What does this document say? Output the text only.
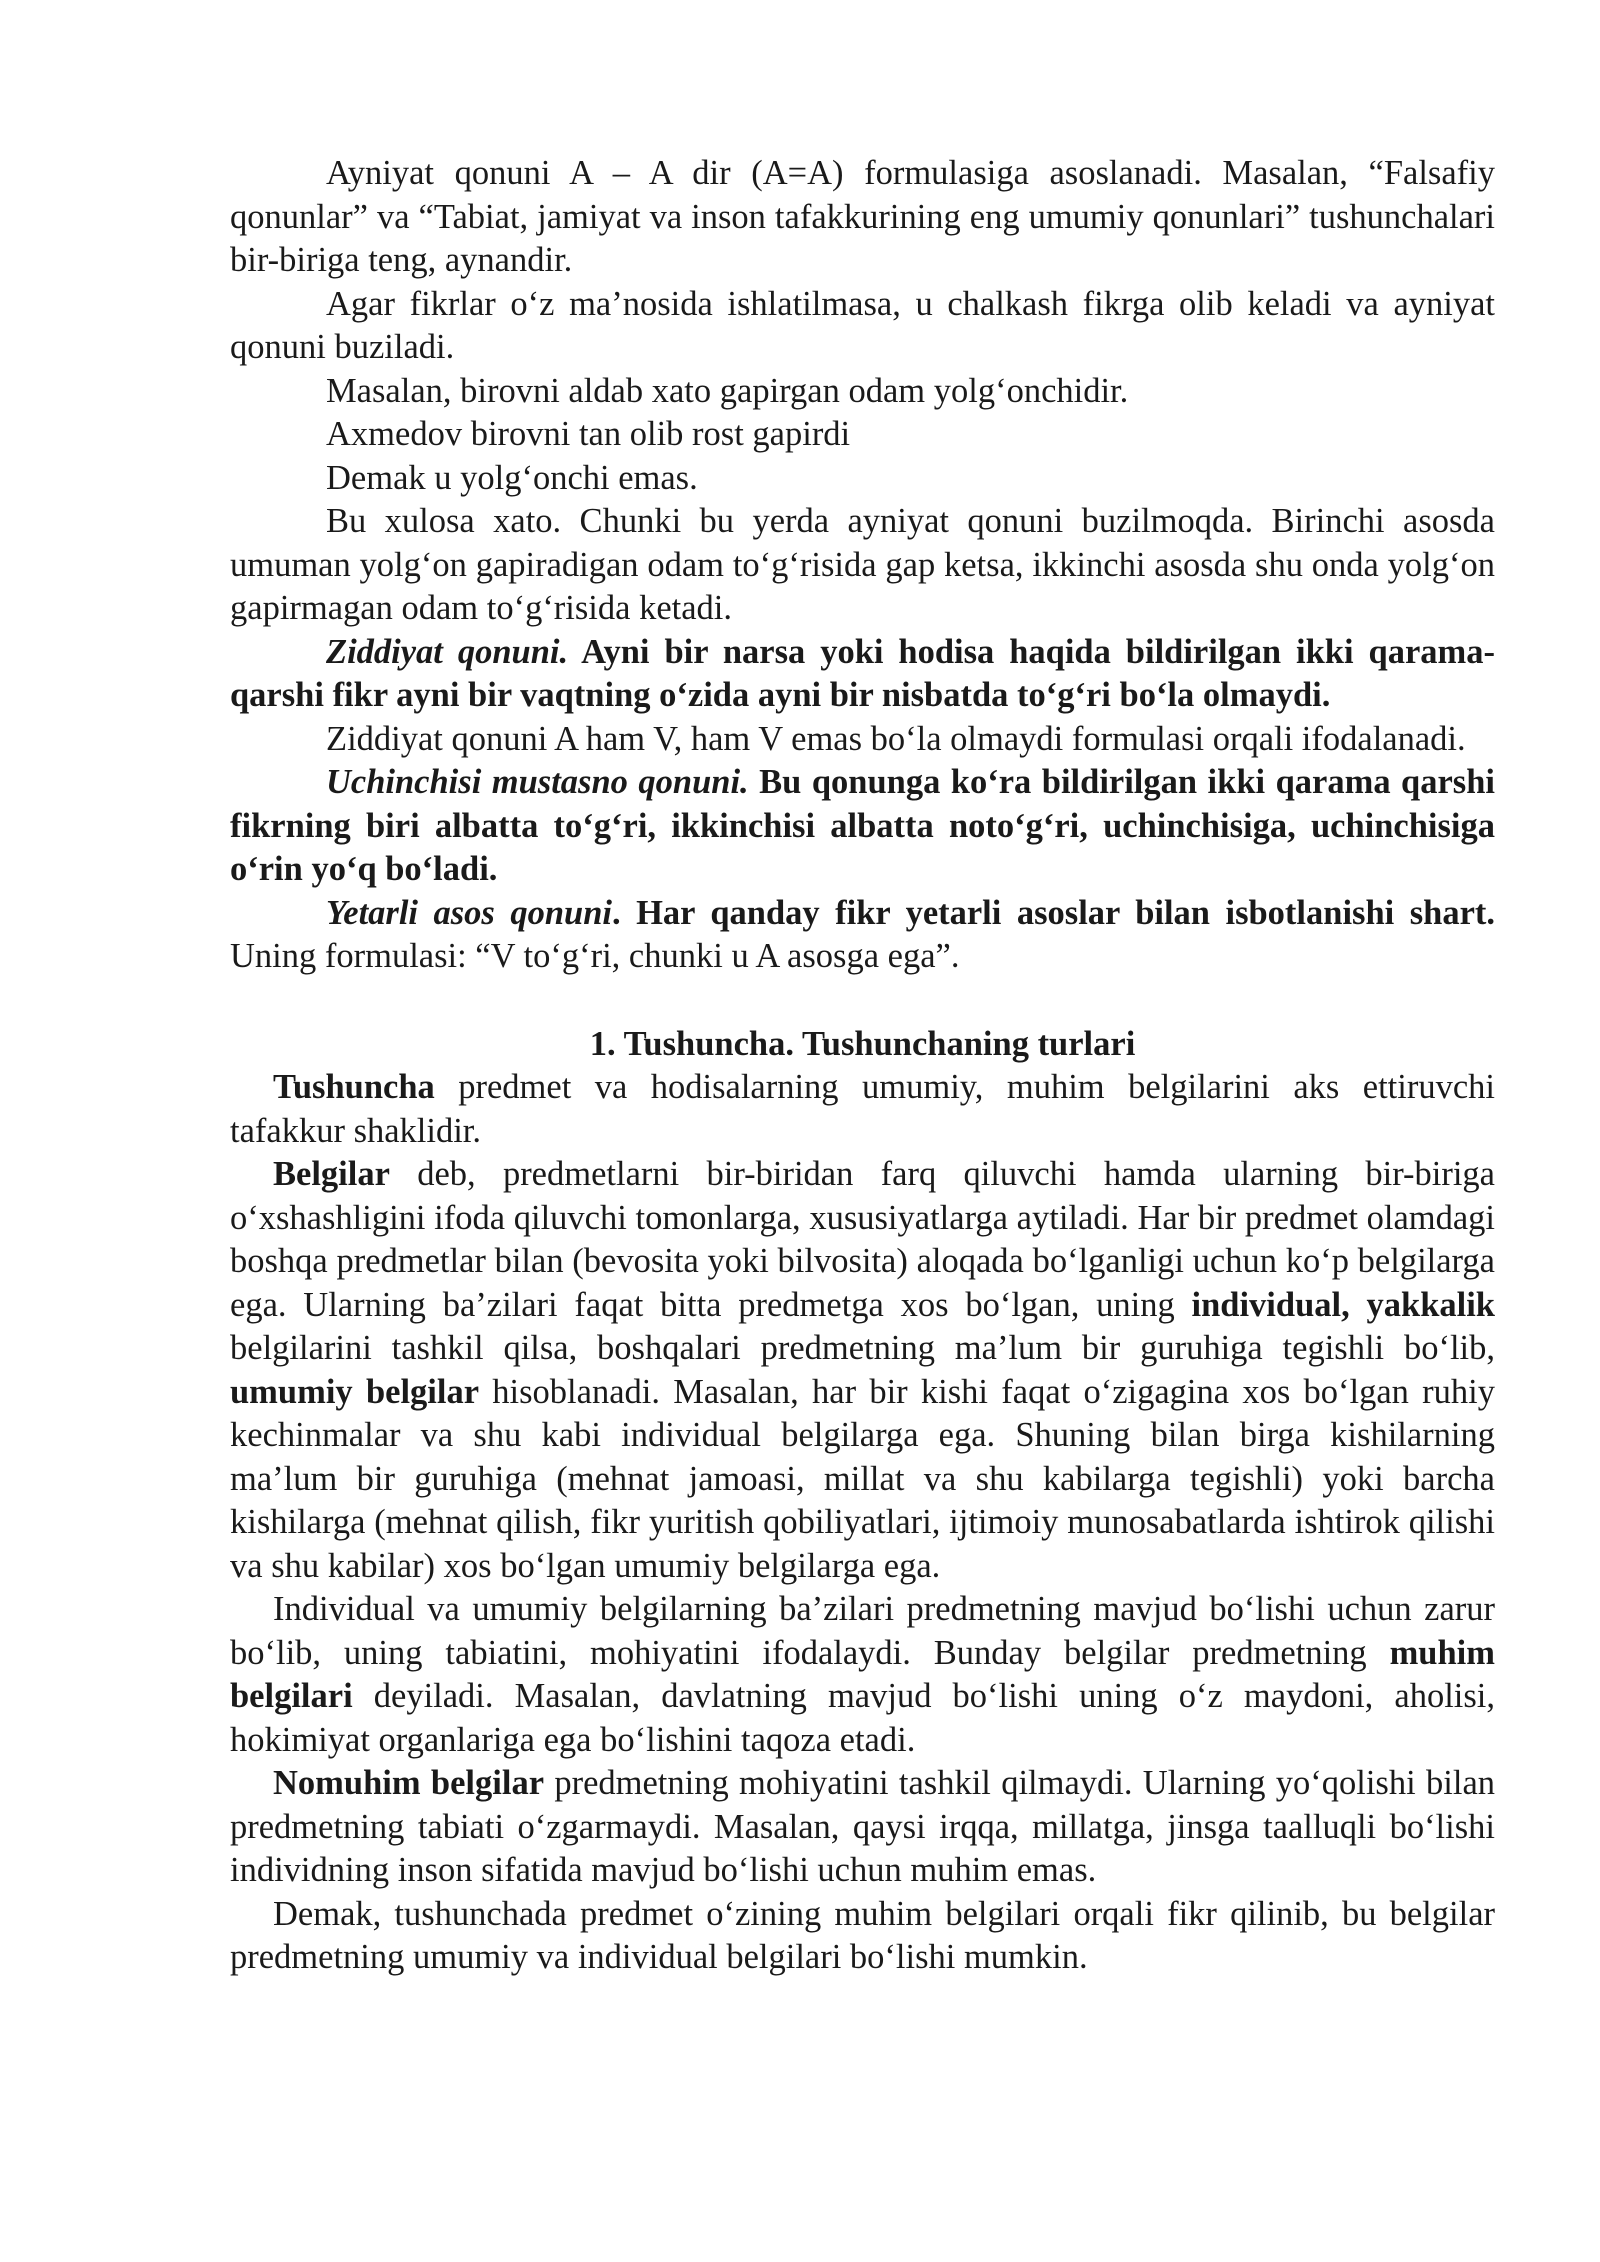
Ayniyat qonuni A – A dir (A=A) formulasiga asoslanadi. Masalan, “Falsafiy qonunlar” va “Tabiat, jamiyat va inson tafakkurining eng umumiy qonunlari” tushunchalari bir-biriga teng, aynandir.

Agar fikrlar o‘z ma’nosida ishlatilmasa, u chalkash fikrga olib keladi va ayniyat qonuni buziladi.

Masalan, birovni aldab xato gapirgan odam yolg‘onchidir.

Axmedov birovni tan olib rost gapirdi

Demak u yolg‘onchi emas.

Bu xulosa xato. Chunki bu yerda ayniyat qonuni buzilmoqda. Birinchi asosda umuman yolg‘on gapiradigan odam to‘g‘risida gap ketsa, ikkinchi asosda shu onda yolg‘on gapirmagan odam to‘g‘risida ketadi.

Ziddiyat qonuni. Ayni bir narsa yoki hodisa haqida bildirilgan ikki qarama-qarshi fikr ayni bir vaqtning o‘zida ayni bir nisbatda to‘g‘ri bo‘la olmaydi.

Ziddiyat qonuni A ham V, ham V emas bo‘la olmaydi formulasi orqali ifodalanadi.

Uchinchisi mustasno qonuni. Bu qonunga ko‘ra bildirilgan ikki qarama qarshi fikrning biri albatta to‘g‘ri, ikkinchisi albatta noto‘g‘ri, uchinchisiga, uchinchisiga o‘rin yo‘q bo‘ladi.

Yetarli asos qonuni. Har qanday fikr yetarli asoslar bilan isbotlanishi shart. Uning formulasi: “V to‘g‘ri, chunki u A asosga ega”.

1. Tushuncha. Tushunchaning turlari

Tushuncha predmet va hodisalarning umumiy, muhim belgilarini aks ettiruvchi tafakkur shaklidir.

Belgilar deb, predmetlarni bir-biridan farq qiluvchi hamda ularning bir-biriga o‘xshashligini ifoda qiluvchi tomonlarga, xususiyatlarga aytiladi. Har bir predmet olamdagi boshqa predmetlar bilan (bevosita yoki bilvosita) aloqada bo‘lganligi uchun ko‘p belgilarga ega. Ularning ba’zilari faqat bitta predmetga xos bo‘lgan, uning individual, yakkalik belgilarini tashkil qilsa, boshqalari predmetning ma’lum bir guruhiga tegishli bo‘lib, umumiy belgilar hisoblanadi. Masalan, har bir kishi faqat o‘zigagina xos bo‘lgan ruhiy kechinmalar va shu kabi individual belgilarga ega. Shuning bilan birga kishilarning ma’lum bir guruhiga (mehnat jamoasi, millat va shu kabilarga tegishli) yoki barcha kishilarga (mehnat qilish, fikr yuritish qobiliyatlari, ijtimoiy munosabatlarda ishtirok qilishi va shu kabilar) xos bo‘lgan umumiy belgilarga ega.

Individual va umumiy belgilarning ba’zilari predmetning mavjud bo‘lishi uchun zarur bo‘lib, uning tabiatini, mohiyatini ifodalaydi. Bunday belgilar predmetning muhim belgilari deyiladi. Masalan, davlatning mavjud bo‘lishi uning o‘z maydoni, aholisi, hokimiyat organlariga ega bo‘lishini taqoza etadi.

Nomuhim belgilar predmetning mohiyatini tashkil qilmaydi. Ularning yo‘qolishi bilan predmetning tabiati o‘zgarmaydi. Masalan, qaysi irqqa, millatga, jinsga taalluqli bo‘lishi individning inson sifatida mavjud bo‘lishi uchun muhim emas.

Demak, tushunchada predmet o‘zining muhim belgilari orqali fikr qilinib, bu belgilar predmetning umumiy va individual belgilari bo‘lishi mumkin.
